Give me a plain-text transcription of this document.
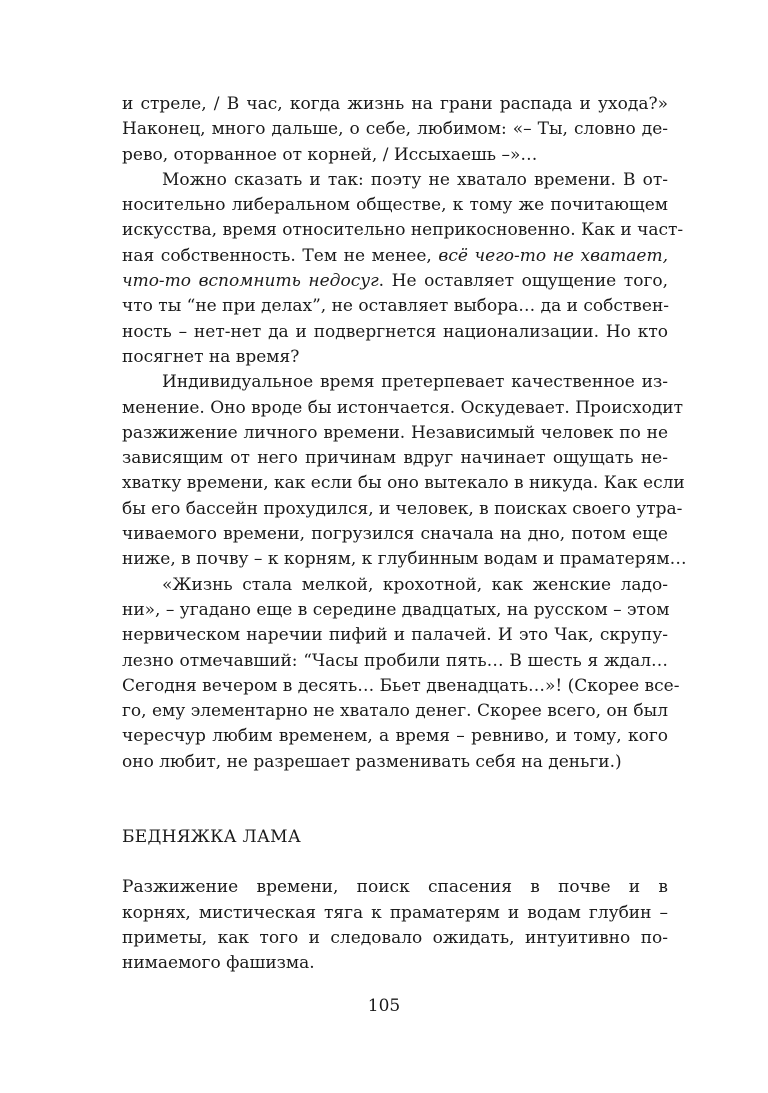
и стреле, / В час, когда жизнь на грани распада и ухода?»
Наконец, много дальше, о себе, любимом: «– Ты, словно де-
рево, оторванное от корней, / Иссыхаешь –»…
Можно сказать и так: поэту не хватало времени. В от-
носительно либеральном обществе, к тому же почитающем
искусства, время относительно неприкосновенно. Как и част-
ная собственность. Тем не менее, всё чего-то не хватает,
что-то вспомнить недосуг. Не оставляет ощущение того,
что ты “не при делах”, не оставляет выбора… да и собствен-
ность – нет-нет да и подвергнется национализации. Но кто
посягнет на время?
Индивидуальное время претерпевает качественное из-
менение. Оно вроде бы истончается. Оскудевает. Происходит
разжижение личного времени. Независимый человек по не
зависящим от него причинам вдруг начинает ощущать не-
хватку времени, как если бы оно вытекало в никуда. Как если
бы его бассейн прохудился, и человек, в поисках своего утра-
чиваемого времени, погрузился сначала на дно, потом еще
ниже, в почву – к корням, к глубинным водам и праматерям…
«Жизнь стала мелкой, крохотной, как женские ладо-
ни», – угадано еще в середине двадцатых, на русском – этом
нервическом наречии пифий и палачей. И это Чак, скрупу-
лезно отмечавший: “Часы пробили пять… В шесть я ждал…
Сегодня вечером в десять… Бьет двенадцать…»! (Скорее все-
го, ему элементарно не хватало денег. Скорее всего, он был
чересчур любим временем, а время – ревниво, и тому, кого
оно любит, не разрешает разменивать себя на деньги.)
БЕДНЯЖКА ЛАМА
Разжижение времени, поиск спасения в почве и в
корнях, мистическая тяга к праматерям и водам глубин –
приметы, как того и следовало ожидать, интуитивно по-
нимаемого фашизма.
105
